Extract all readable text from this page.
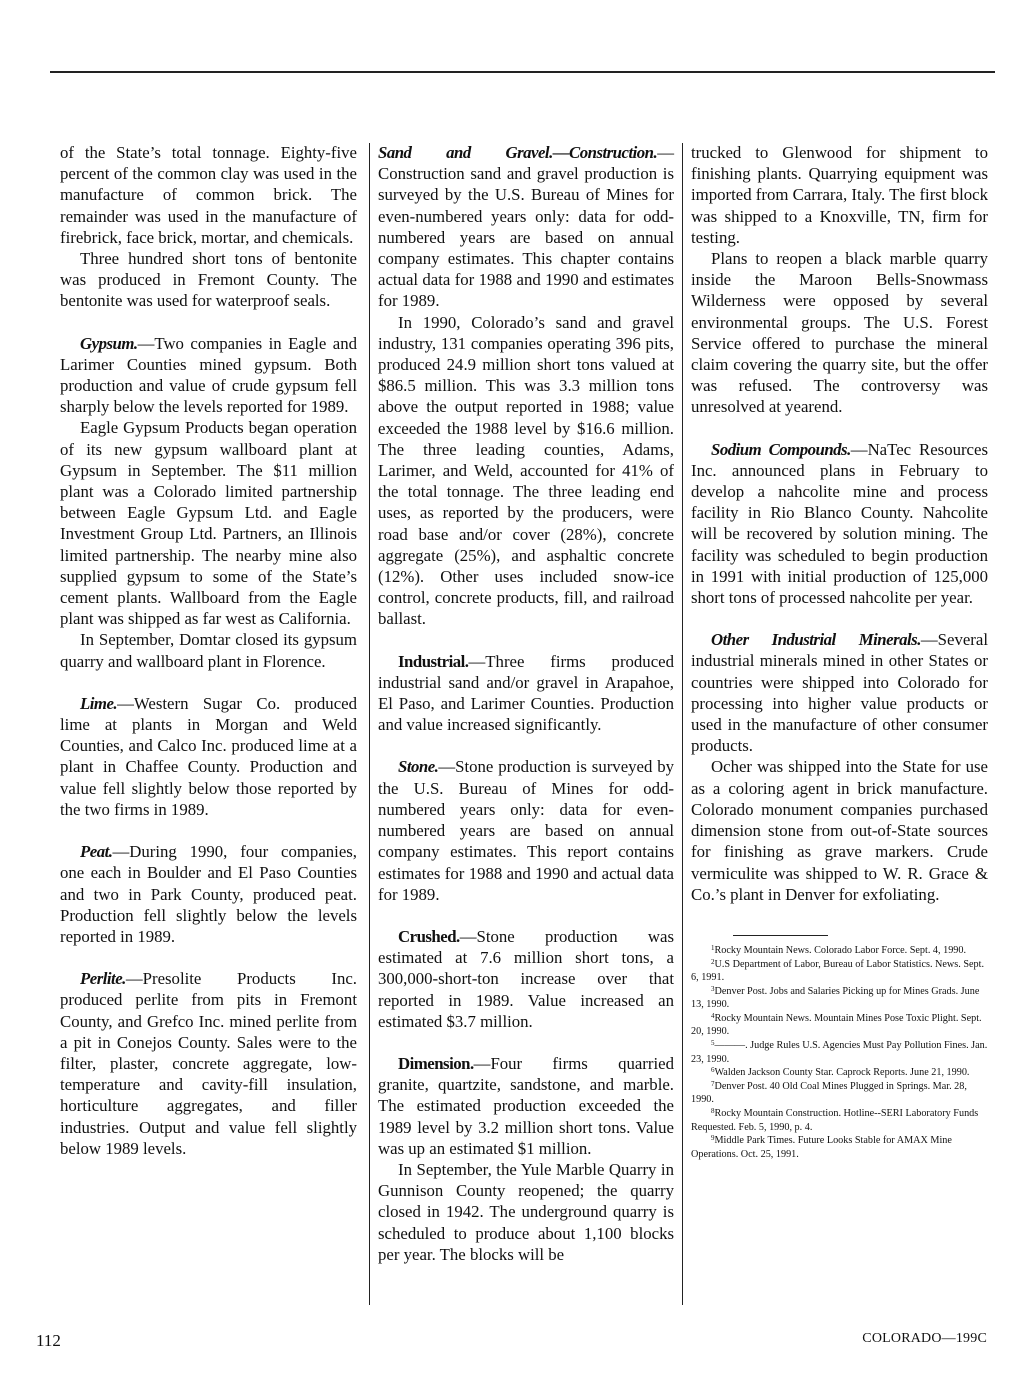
of the State’s total tonnage. Eighty-five percent of the common clay was used in the manufacture of common brick. The remainder was used in the manufacture of firebrick, face brick, mortar, and chemicals.

Three hundred short tons of bentonite was produced in Fremont County. The bentonite was used for waterproof seals.

Gypsum.—Two companies in Eagle and Larimer Counties mined gypsum. Both production and value of crude gypsum fell sharply below the levels reported for 1989.

Eagle Gypsum Products began operation of its new gypsum wallboard plant at Gypsum in September. The $11 million plant was a Colorado limited partnership between Eagle Gypsum Ltd. and Eagle Investment Group Ltd. Partners, an Illinois limited partnership. The nearby mine also supplied gypsum to some of the State’s cement plants. Wallboard from the Eagle plant was shipped as far west as California.

In September, Domtar closed its gypsum quarry and wallboard plant in Florence.

Lime.—Western Sugar Co. produced lime at plants in Morgan and Weld Counties, and Calco Inc. produced lime at a plant in Chaffee County. Production and value fell slightly below those reported by the two firms in 1989.

Peat.—During 1990, four companies, one each in Boulder and El Paso Counties and two in Park County, produced peat. Production fell slightly below the levels reported in 1989.

Perlite.—Presolite Products Inc. produced perlite from pits in Fremont County, and Grefco Inc. mined perlite from a pit in Conejos County. Sales were to the filter, plaster, concrete aggregate, low-temperature and cavity-fill insulation, horticulture aggregates, and filler industries. Output and value fell slightly below 1989 levels.

Sand and Gravel.—Construction.—Construction sand and gravel production is surveyed by the U.S. Bureau of Mines for even-numbered years only: data for odd-numbered years are based on annual company estimates. This chapter contains actual data for 1988 and 1990 and estimates for 1989.

In 1990, Colorado’s sand and gravel industry, 131 companies operating 396 pits, produced 24.9 million short tons valued at $86.5 million. This was 3.3 million tons above the output reported in 1988; value exceeded the 1988 level by $16.6 million. The three leading counties, Adams, Larimer, and Weld, accounted for 41% of the total tonnage. The three leading end uses, as reported by the producers, were road base and/or cover (28%), concrete aggregate (25%), and asphaltic concrete (12%). Other uses included snow-ice control, concrete products, fill, and railroad ballast.

Industrial.—Three firms produced industrial sand and/or gravel in Arapahoe, El Paso, and Larimer Counties. Production and value increased significantly.

Stone.—Stone production is surveyed by the U.S. Bureau of Mines for odd-numbered years only: data for even-numbered years are based on annual company estimates. This report contains estimates for 1988 and 1990 and actual data for 1989.

Crushed.—Stone production was estimated at 7.6 million short tons, a 300,000-short-ton increase over that reported in 1989. Value increased an estimated $3.7 million.

Dimension.—Four firms quarried granite, quartzite, sandstone, and marble. The estimated production exceeded the 1989 level by 3.2 million short tons. Value was up an estimated $1 million.

In September, the Yule Marble Quarry in Gunnison County reopened; the quarry closed in 1942. The underground quarry is scheduled to produce about 1,100 blocks per year. The blocks will be

trucked to Glenwood for shipment to finishing plants. Quarrying equipment was imported from Carrara, Italy. The first block was shipped to a Knoxville, TN, firm for testing.

Plans to reopen a black marble quarry inside the Maroon Bells-Snowmass Wilderness were opposed by several environmental groups. The U.S. Forest Service offered to purchase the mineral claim covering the quarry site, but the offer was refused. The controversy was unresolved at yearend.

Sodium Compounds.—NaTec Resources Inc. announced plans in February to develop a nahcolite mine and process facility in Rio Blanco County. Nahcolite will be recovered by solution mining. The facility was scheduled to begin production in 1991 with initial production of 125,000 short tons of processed nahcolite per year.

Other Industrial Minerals.—Several industrial minerals mined in other States or countries were shipped into Colorado for processing into higher value products or used in the manufacture of other consumer products.

Ocher was shipped into the State for use as a coloring agent in brick manufacture. Colorado monument companies purchased dimension stone from out-of-State sources for finishing as grave markers. Crude vermiculite was shipped to W. R. Grace & Co.’s plant in Denver for exfoliating.

$^1$Rocky Mountain News. Colorado Labor Force. Sept. 4, 1990.

$^2$U.S Department of Labor, Bureau of Labor Statistics. News. Sept. 6, 1991.

$^3$Denver Post. Jobs and Salaries Picking up for Mines Grads. June 13, 1990.

$^4$Rocky Mountain News. Mountain Mines Pose Toxic Plight. Sept. 20, 1990.

$^5$———. Judge Rules U.S. Agencies Must Pay Pollution Fines. Jan. 23, 1990.

$^6$Walden Jackson County Star. Caprock Reports. June 21, 1990.

$^7$Denver Post. 40 Old Coal Mines Plugged in Springs. Mar. 28, 1990.

$^8$Rocky Mountain Construction. Hotline--SERI Laboratory Funds Requested. Feb. 5, 1990, p. 4.

$^9$Middle Park Times. Future Looks Stable for AMAX Mine Operations. Oct. 25, 1991.

112	COLORADO—199C
